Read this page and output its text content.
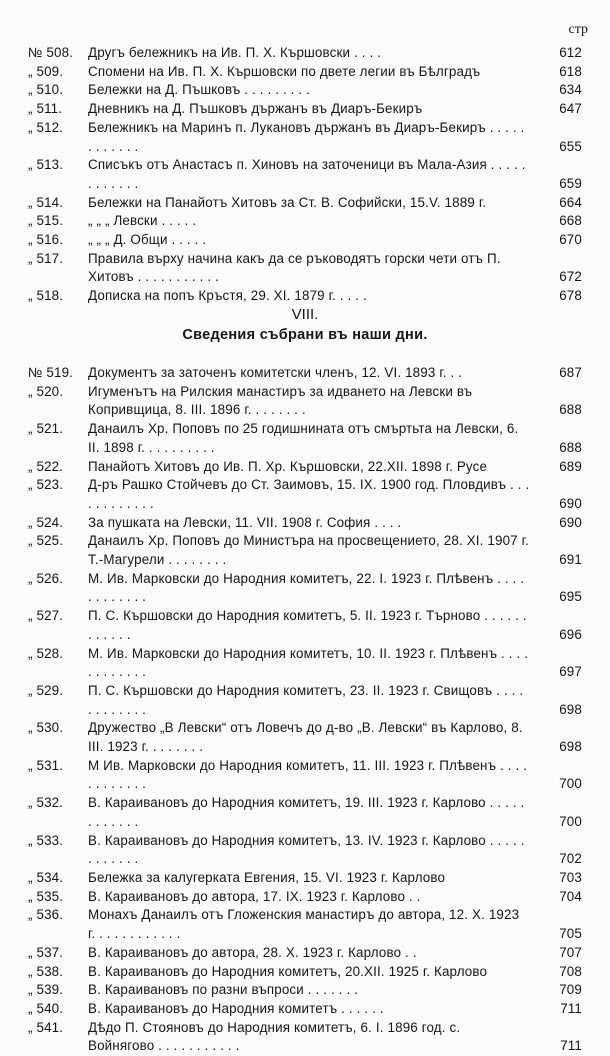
стр
№ 508.	Другъ бележникъ на Ив. П. Х. Кършовски . . . .	612
„ 509.	Спомени на Ив. П. Х. Кършовски по двете легии въ Бѣлградъ	618
„ 510.	Бележки на Д. Пъшковъ . . . . . . . . .	634
„ 511.	Дневникъ на Д. Пъшковъ държанъ въ Диаръ-Бекиръ	647
„ 512.	Бележникъ на Маринъ п. Лукановъ държанъ въ Диаръ-Бекиръ . . . . . . . . . . . .	655
„ 513.	Списъкъ отъ Анастасъ п. Хиновъ на заточеници въ Мала-Азия . . . . . . . . . . . .	659
„ 514.	Бележки на Панайотъ Хитовъ за Ст. В. Софийски, 15.V. 1889 г.	664
„ 515.	„ „ „ Левски . . . . .	668
„ 516.	„ „ „ Д. Общи . . . . .	670
„ 517.	Правила върху начина какъ да се ръководятъ горски чети отъ П. Хитовъ . . . . . . . . . . .	672
„ 518.	Дописка на попъ Кръстя, 29. XI. 1879 г. . . . .	678
VIII.
Сведения събрани въ наши дни.
№ 519.	Документъ за заточенъ комитетски членъ, 12. VI. 1893 г. . .	687
„ 520.	Игуменътъ на Рилския манастиръ за идването на Левски въ Копривщица, 8. III. 1896 г. . . . . . . .	688
„ 521.	Данаилъ Хр. Поповъ по 25 годишнината отъ смъртьта на Левски, 6. II. 1898 г. . . . . . . . . .	688
„ 522.	Панайотъ Хитовъ до Ив. П. Хр. Кършовски, 22.XII. 1898 г. Русе	689
„ 523.	Д-ръ Рашко Стойчевъ до Ст. Заимовъ, 15. IX. 1900 год. Пловдивъ . . . . . . . . . . . .	690
„ 524.	За пушката на Левски, 11. VII. 1908 г. София . . . .	690
„ 525.	Данаилъ Хр. Поповъ до Министъра на просвещението, 28. XI. 1907 г. Т.-Магурели . . . . . . . .	691
„ 526.	М. Ив. Марковски до Народния комитетъ, 22. I. 1923 г. Плѣвенъ . . . . . . . . . . . .	695
„ 527.	П. С. Кършовски до Народния комитетъ, 5. II. 1923 г. Търново . . . . . . . . . . . .	696
„ 528.	М. Ив. Марковски до Народния комитетъ, 10. II. 1923 г. Плѣвенъ . . . . . . . . . . . .	697
„ 529.	П. С. Кършовски до Народния комитетъ, 23. II. 1923 г. Свищовъ . . . . . . . . . . . .	698
„ 530.	Дружество „В Левски“ отъ Ловечъ до д-во „В. Левски“ въ Карлово, 8. III. 1923 г. . . . . . . .	698
„ 531.	М Ив. Марковски до Народния комитетъ, 11. III. 1923 г. Плѣвенъ . . . . . . . . . . . .	700
„ 532.	В. Караивановъ до Народния комитетъ, 19. III. 1923 г. Карлово . . . . . . . . . . . .	700
„ 533.	В. Караивановъ до Народния комитетъ, 13. IV. 1923 г. Карлово . . . . . . . . . . . .	702
„ 534.	Бележка за калугерката Евгения, 15. VI. 1923 г. Карлово	703
„ 535.	В. Караивановъ до автора, 17. IX. 1923 г. Карлово . .	704
„ 536.	Монахъ Данаилъ отъ Гложенския манастиръ до автора, 12. X. 1923 г. . . . . . . . . . . .	705
„ 537.	В. Караивановъ до автора, 28. X. 1923 г. Карлово . .	707
„ 538.	В. Караивановъ до Народния комитетъ, 20.XII. 1925 г. Карлово	708
„ 539.	В. Караивановъ по разни въпроси . . . . . . .	709
„ 540.	В. Караивановъ до Народния комитетъ . . . . . .	711
„ 541.	Дѣдо П. Стояновъ до Народния комитетъ, 6. I. 1896 год. с. Войнягово . . . . . . . . . . .	711
